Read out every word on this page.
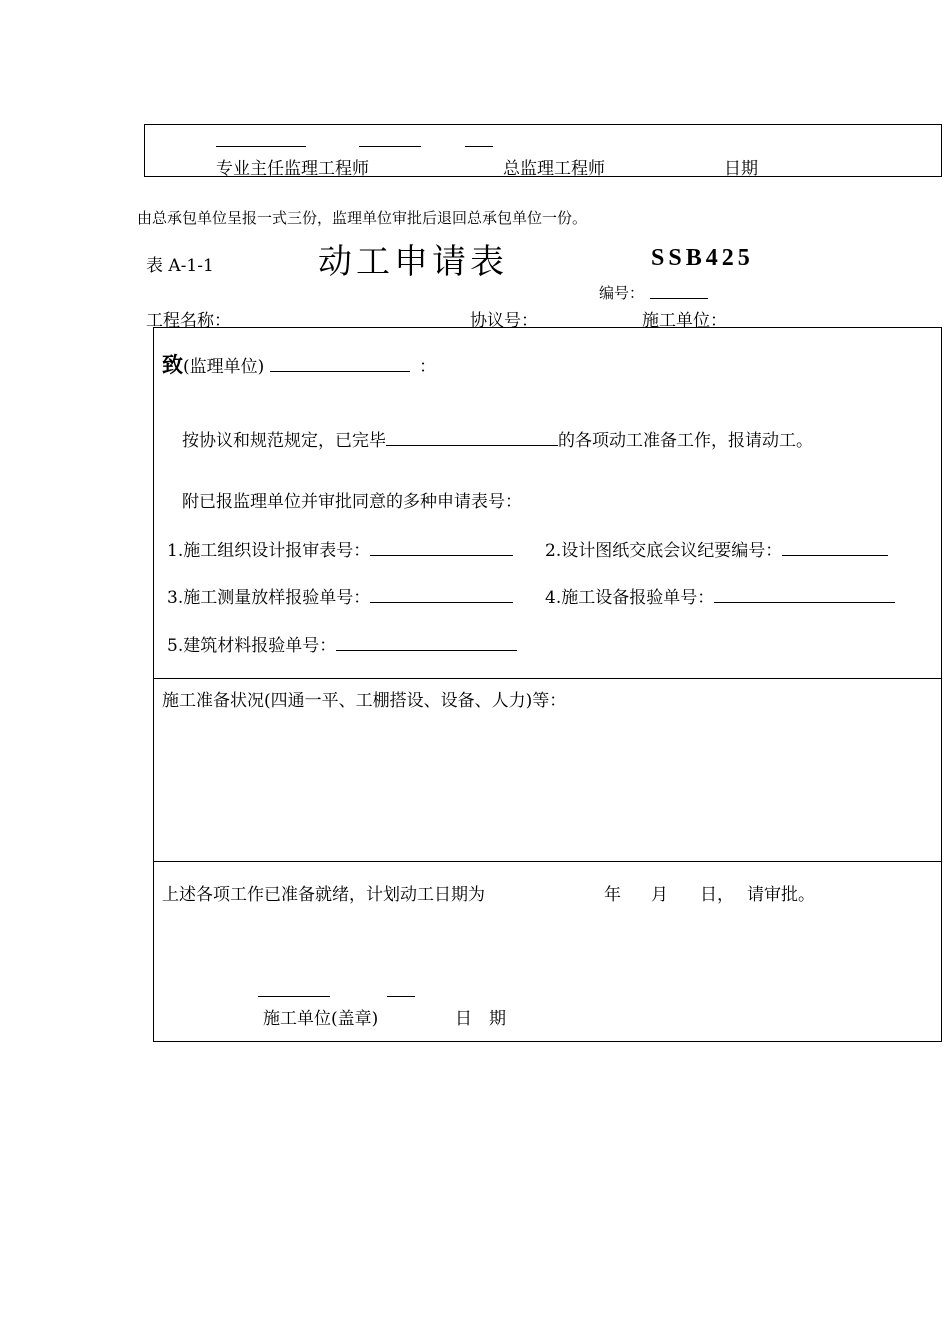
专业主任监理工程师	总监理工程师	日期
由总承包单位呈报一式三份，监理单位审批后退回总承包单位一份。
表 A-1-1	动工申请表	SSB425
编号：
工程名称：	协议号：	施工单位：
致(监理单位)	：
按协议和规范规定，已完毕	的各项动工准备工作，报请动工。
附已报监理单位并审批同意的多种申请表号：
1.施工组织设计报审表号：	2.设计图纸交底会议纪要编号：
3.施工测量放样报验单号：	4.施工设备报验单号：
5.建筑材料报验单号：
施工准备状况(四通一平、工棚搭设、设备、人力)等：
上述各项工作已准备就绪，计划动工日期为	年 月 日， 请审批。
施工单位(盖章)	日　期
